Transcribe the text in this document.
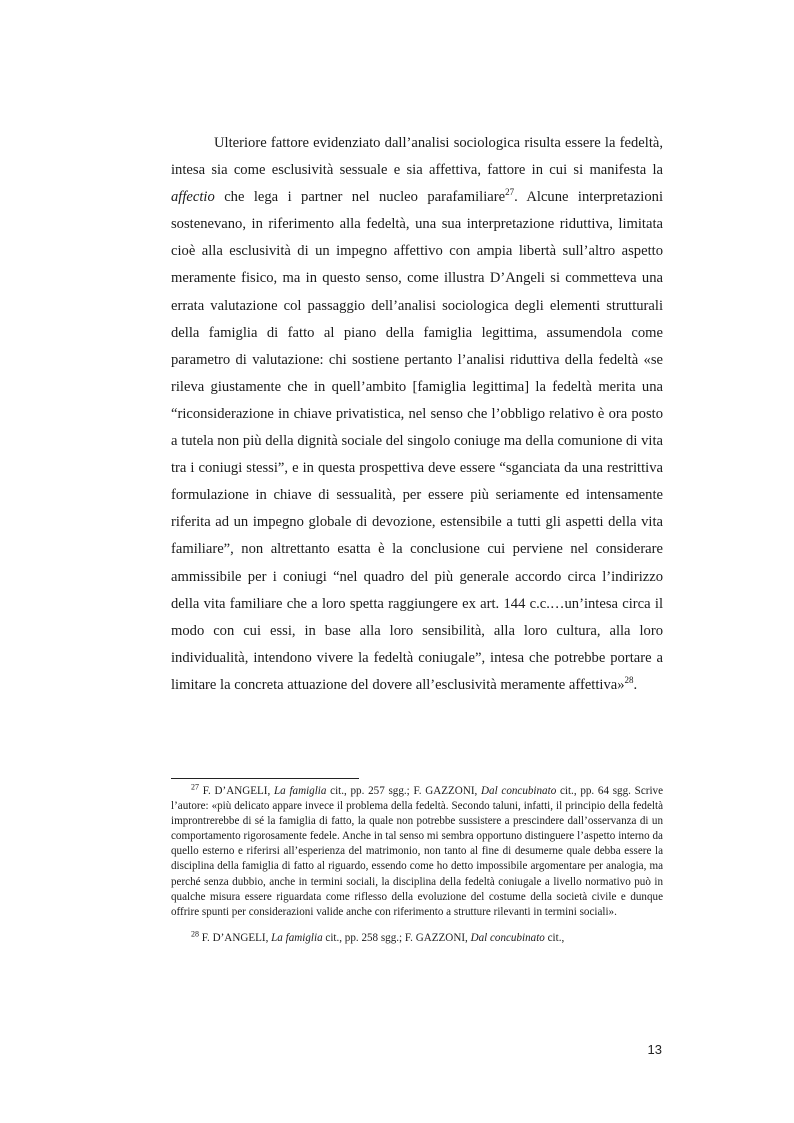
Ulteriore fattore evidenziato dall’analisi sociologica risulta essere la fedeltà, intesa sia come esclusività sessuale e sia affettiva, fattore in cui si manifesta la affectio che lega i partner nel nucleo parafamiliare$^{27}$. Alcune interpretazioni sostenevano, in riferimento alla fedeltà, una sua interpretazione riduttiva, limitata cioè alla esclusività di un impegno affettivo con ampia libertà sull’altro aspetto meramente fisico, ma in questo senso, come illustra D’Angeli si commetteva una errata valutazione col passaggio dell’analisi sociologica degli elementi strutturali della famiglia di fatto al piano della famiglia legittima, assumendola come parametro di valutazione: chi sostiene pertanto l’analisi riduttiva della fedeltà «se rileva giustamente che in quell’ambito [famiglia legittima] la fedeltà merita una “riconsiderazione in chiave privatistica, nel senso che l’obbligo relativo è ora posto a tutela non più della dignità sociale del singolo coniuge ma della comunione di vita tra i coniugi stessi”, e in questa prospettiva deve essere “sganciata da una restrittiva formulazione in chiave di sessualità, per essere più seriamente ed intensamente riferita ad un impegno globale di devozione, estensibile a tutti gli aspetti della vita familiare”, non altrettanto esatta è la conclusione cui perviene nel considerare ammissibile per i coniugi “nel quadro del più generale accordo circa l’indirizzo della vita familiare che a loro spetta raggiungere ex art. 144 c.c.…un’intesa circa il modo con cui essi, in base alla loro sensibilità, alla loro cultura, alla loro individualità, intendono vivere la fedeltà coniugale”, intesa che potrebbe portare a limitare la concreta attuazione del dovere all’esclusività meramente affettiva»$^{28}$.

$^{27}$ F. D’ANGELI, La famiglia cit., pp. 257 sgg.; F. GAZZONI, Dal concubinato cit., pp. 64 sgg. Scrive l’autore: «più delicato appare invece il problema della fedeltà. Secondo taluni, infatti, il principio della fedeltà improntrerebbe di sé la famiglia di fatto, la quale non potrebbe sussistere a prescindere dall’osservanza di un comportamento rigorosamente fedele. Anche in tal senso mi sembra opportuno distinguere l’aspetto interno da quello esterno e riferirsi all’esperienza del matrimonio, non tanto al fine di desumerne quale debba essere la disciplina della famiglia di fatto al riguardo, essendo come ho detto impossibile argomentare per analogia, ma perché senza dubbio, anche in termini sociali, la disciplina della fedeltà coniugale a livello normativo può in qualche misura essere riguardata come riflesso della evoluzione del costume della società civile e dunque offrire spunti per considerazioni valide anche con riferimento a strutture rilevanti in termini sociali».

$^{28}$ F. D’ANGELI, La famiglia cit., pp. 258 sgg.; F. GAZZONI, Dal concubinato cit.,

13
